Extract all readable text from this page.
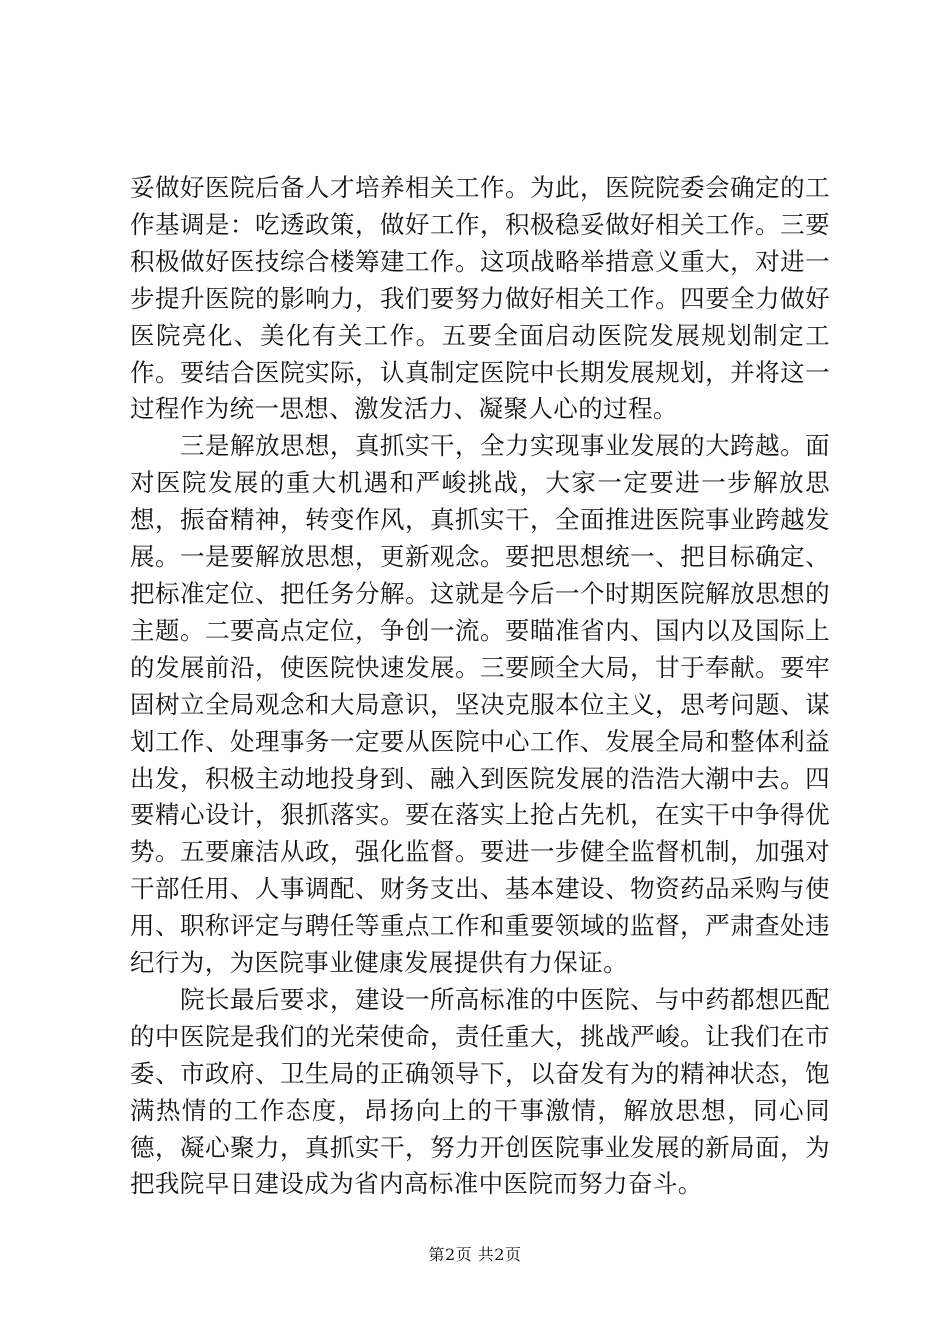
妥做好医院后备人才培养相关工作。为此，医院院委会确定的工作基调是：吃透政策，做好工作，积极稳妥做好相关工作。三要积极做好医技综合楼筹建工作。这项战略举措意义重大，对进一步提升医院的影响力，我们要努力做好相关工作。四要全力做好医院亮化、美化有关工作。五要全面启动医院发展规划制定工作。要结合医院实际，认真制定医院中长期发展规划，并将这一过程作为统一思想、激发活力、凝聚人心的过程。

三是解放思想，真抓实干，全力实现事业发展的大跨越。面对医院发展的重大机遇和严峻挑战，大家一定要进一步解放思想，振奋精神，转变作风，真抓实干，全面推进医院事业跨越发展。一是要解放思想，更新观念。要把思想统一、把目标确定、把标准定位、把任务分解。这就是今后一个时期医院解放思想的主题。二要高点定位，争创一流。要瞄准省内、国内以及国际上的发展前沿，使医院快速发展。三要顾全大局，甘于奉献。要牢固树立全局观念和大局意识，坚决克服本位主义，思考问题、谋划工作、处理事务一定要从医院中心工作、发展全局和整体利益出发，积极主动地投身到、融入到医院发展的浩浩大潮中去。四要精心设计，狠抓落实。要在落实上抢占先机，在实干中争得优势。五要廉洁从政，强化监督。要进一步健全监督机制，加强对干部任用、人事调配、财务支出、基本建设、物资药品采购与使用、职称评定与聘任等重点工作和重要领域的监督，严肃查处违纪行为，为医院事业健康发展提供有力保证。

院长最后要求，建设一所高标准的中医院、与中药都想匹配的中医院是我们的光荣使命，责任重大，挑战严峻。让我们在市委、市政府、卫生局的正确领导下，以奋发有为的精神状态，饱满热情的工作态度，昂扬向上的干事激情，解放思想，同心同德，凝心聚力，真抓实干，努力开创医院事业发展的新局面，为把我院早日建设成为省内高标准中医院而努力奋斗。

第2页 共2页
